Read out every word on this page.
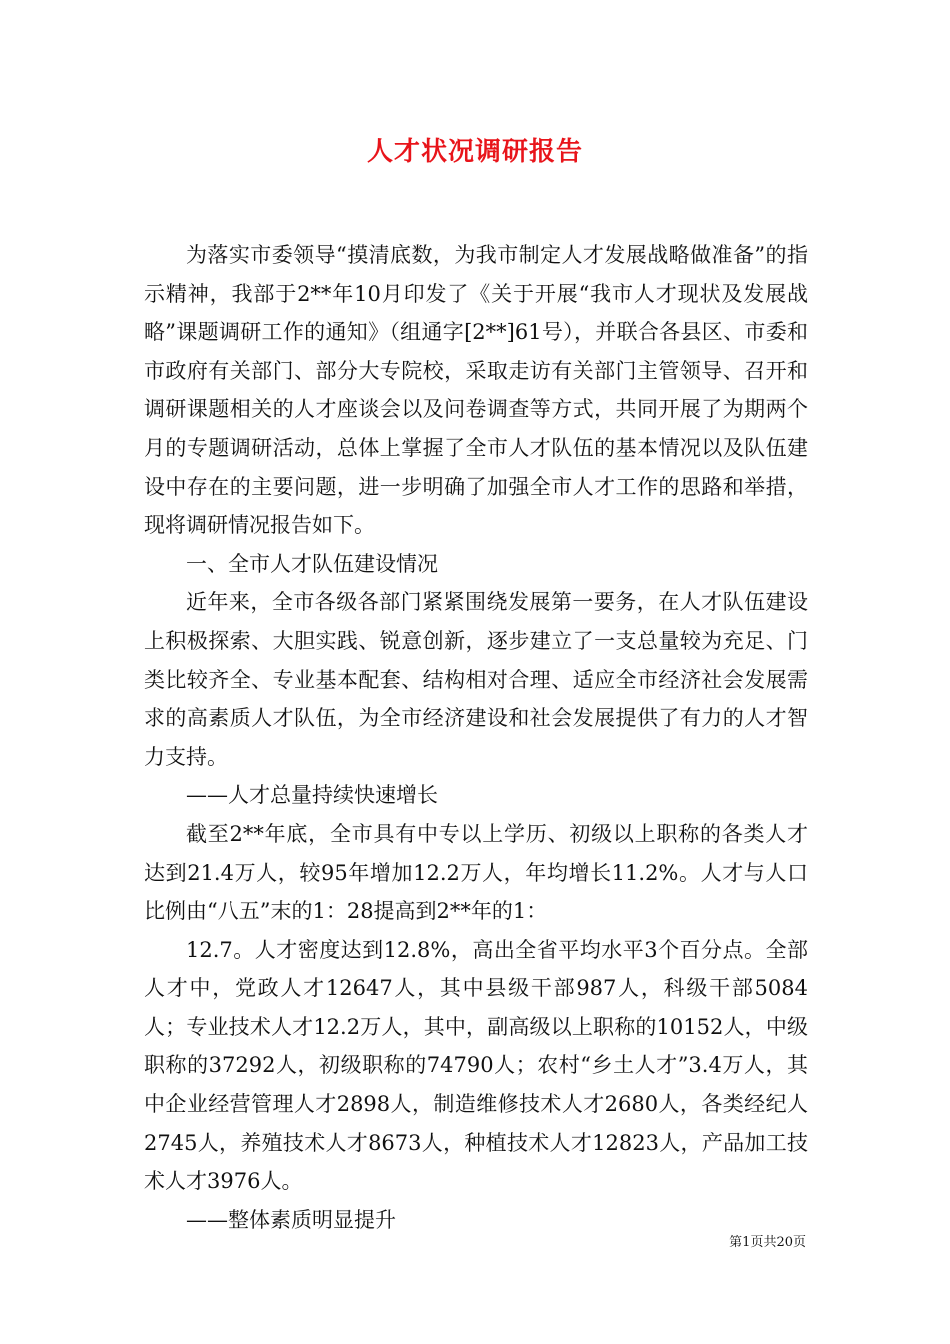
人才状况调研报告

为落实市委领导“摸清底数，为我市制定人才发展战略做准备”的指示精神，我部于2**年10月印发了《关于开展“我市人才现状及发展战略”课题调研工作的通知》（组通字[2**]61号），并联合各县区、市委和市政府有关部门、部分大专院校，采取走访有关部门主管领导、召开和调研课题相关的人才座谈会以及问卷调查等方式，共同开展了为期两个月的专题调研活动，总体上掌握了全市人才队伍的基本情况以及队伍建设中存在的主要问题，进一步明确了加强全市人才工作的思路和举措，现将调研情况报告如下。

一、全市人才队伍建设情况

近年来，全市各级各部门紧紧围绕发展第一要务，在人才队伍建设上积极探索、大胆实践、锐意创新，逐步建立了一支总量较为充足、门类比较齐全、专业基本配套、结构相对合理、适应全市经济社会发展需求的高素质人才队伍，为全市经济建设和社会发展提供了有力的人才智力支持。

——人才总量持续快速增长

截至2**年底，全市具有中专以上学历、初级以上职称的各类人才达到21.4万人，较95年增加12.2万人，年均增长11.2%。人才与人口比例由“八五”末的1：28提高到2**年的1：

12.7。人才密度达到12.8%，高出全省平均水平3个百分点。全部人才中，党政人才12647人，其中县级干部987人，科级干部5084人；专业技术人才12.2万人，其中，副高级以上职称的10152人，中级职称的37292人，初级职称的74790人；农村“乡土人才”3.4万人，其中企业经营管理人才2898人，制造维修技术人才2680人，各类经纪人2745人，养殖技术人才8673人，种植技术人才12823人，产品加工技术人才3976人。

——整体素质明显提升

第1页共20页
